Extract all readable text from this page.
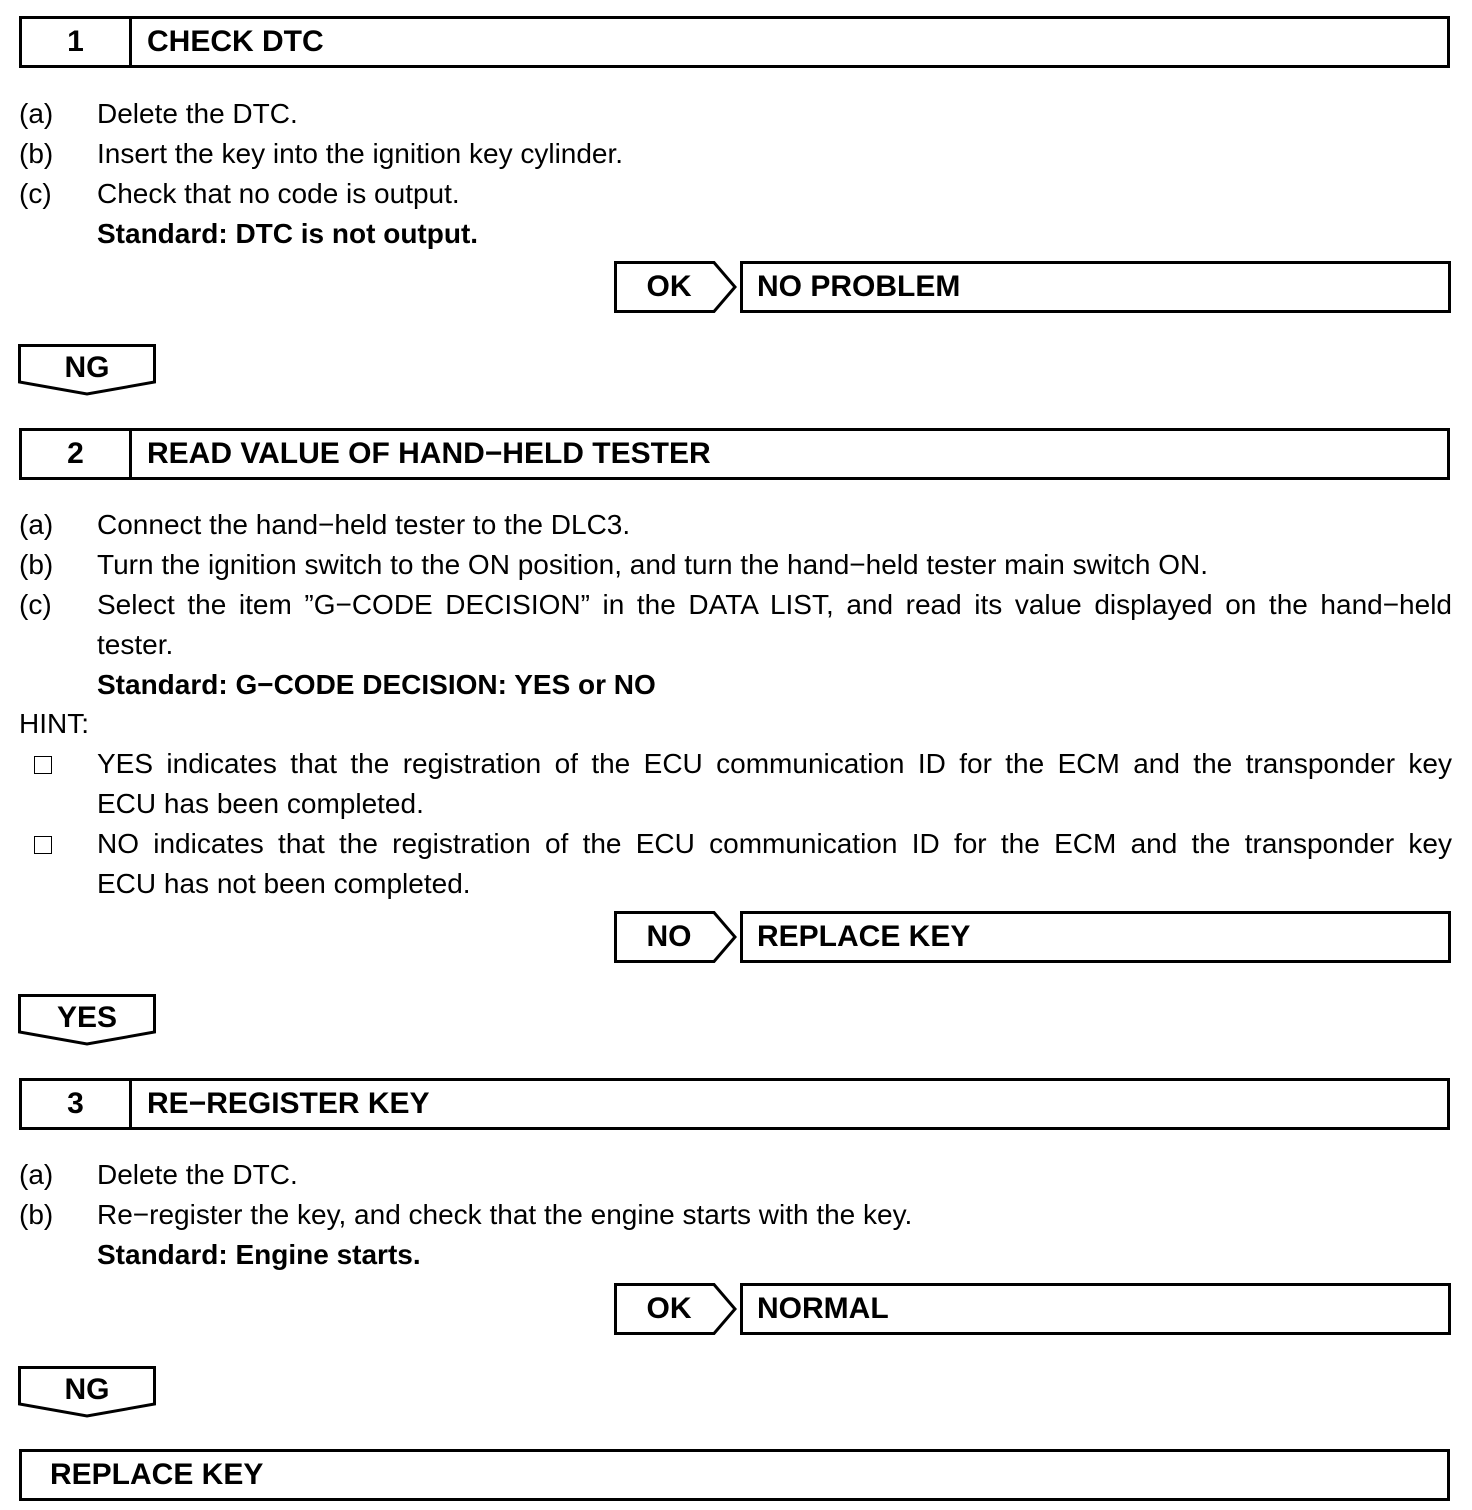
1	CHECK DTC
(a) Delete the DTC.
(b) Insert the key into the ignition key cylinder.
(c) Check that no code is output.
Standard: DTC is not output.
OK	NO PROBLEM
NG
2	READ VALUE OF HAND−HELD TESTER
(a) Connect the hand−held tester to the DLC3.
(b) Turn the ignition switch to the ON position, and turn the hand−held tester main switch ON.
(c) Select the item ”G−CODE DECISION” in the DATA LIST, and read its value displayed on the hand−held
tester.
Standard: G−CODE DECISION: YES or NO
HINT:
YES indicates that the registration of the ECU communication ID for the ECM and the transponder key
ECU has been completed.
NO indicates that the registration of the ECU communication ID for the ECM and the transponder key
ECU has not been completed.
NO	REPLACE KEY
YES
3	RE−REGISTER KEY
(a) Delete the DTC.
(b) Re−register the key, and check that the engine starts with the key.
Standard: Engine starts.
OK	NORMAL
NG
REPLACE KEY
